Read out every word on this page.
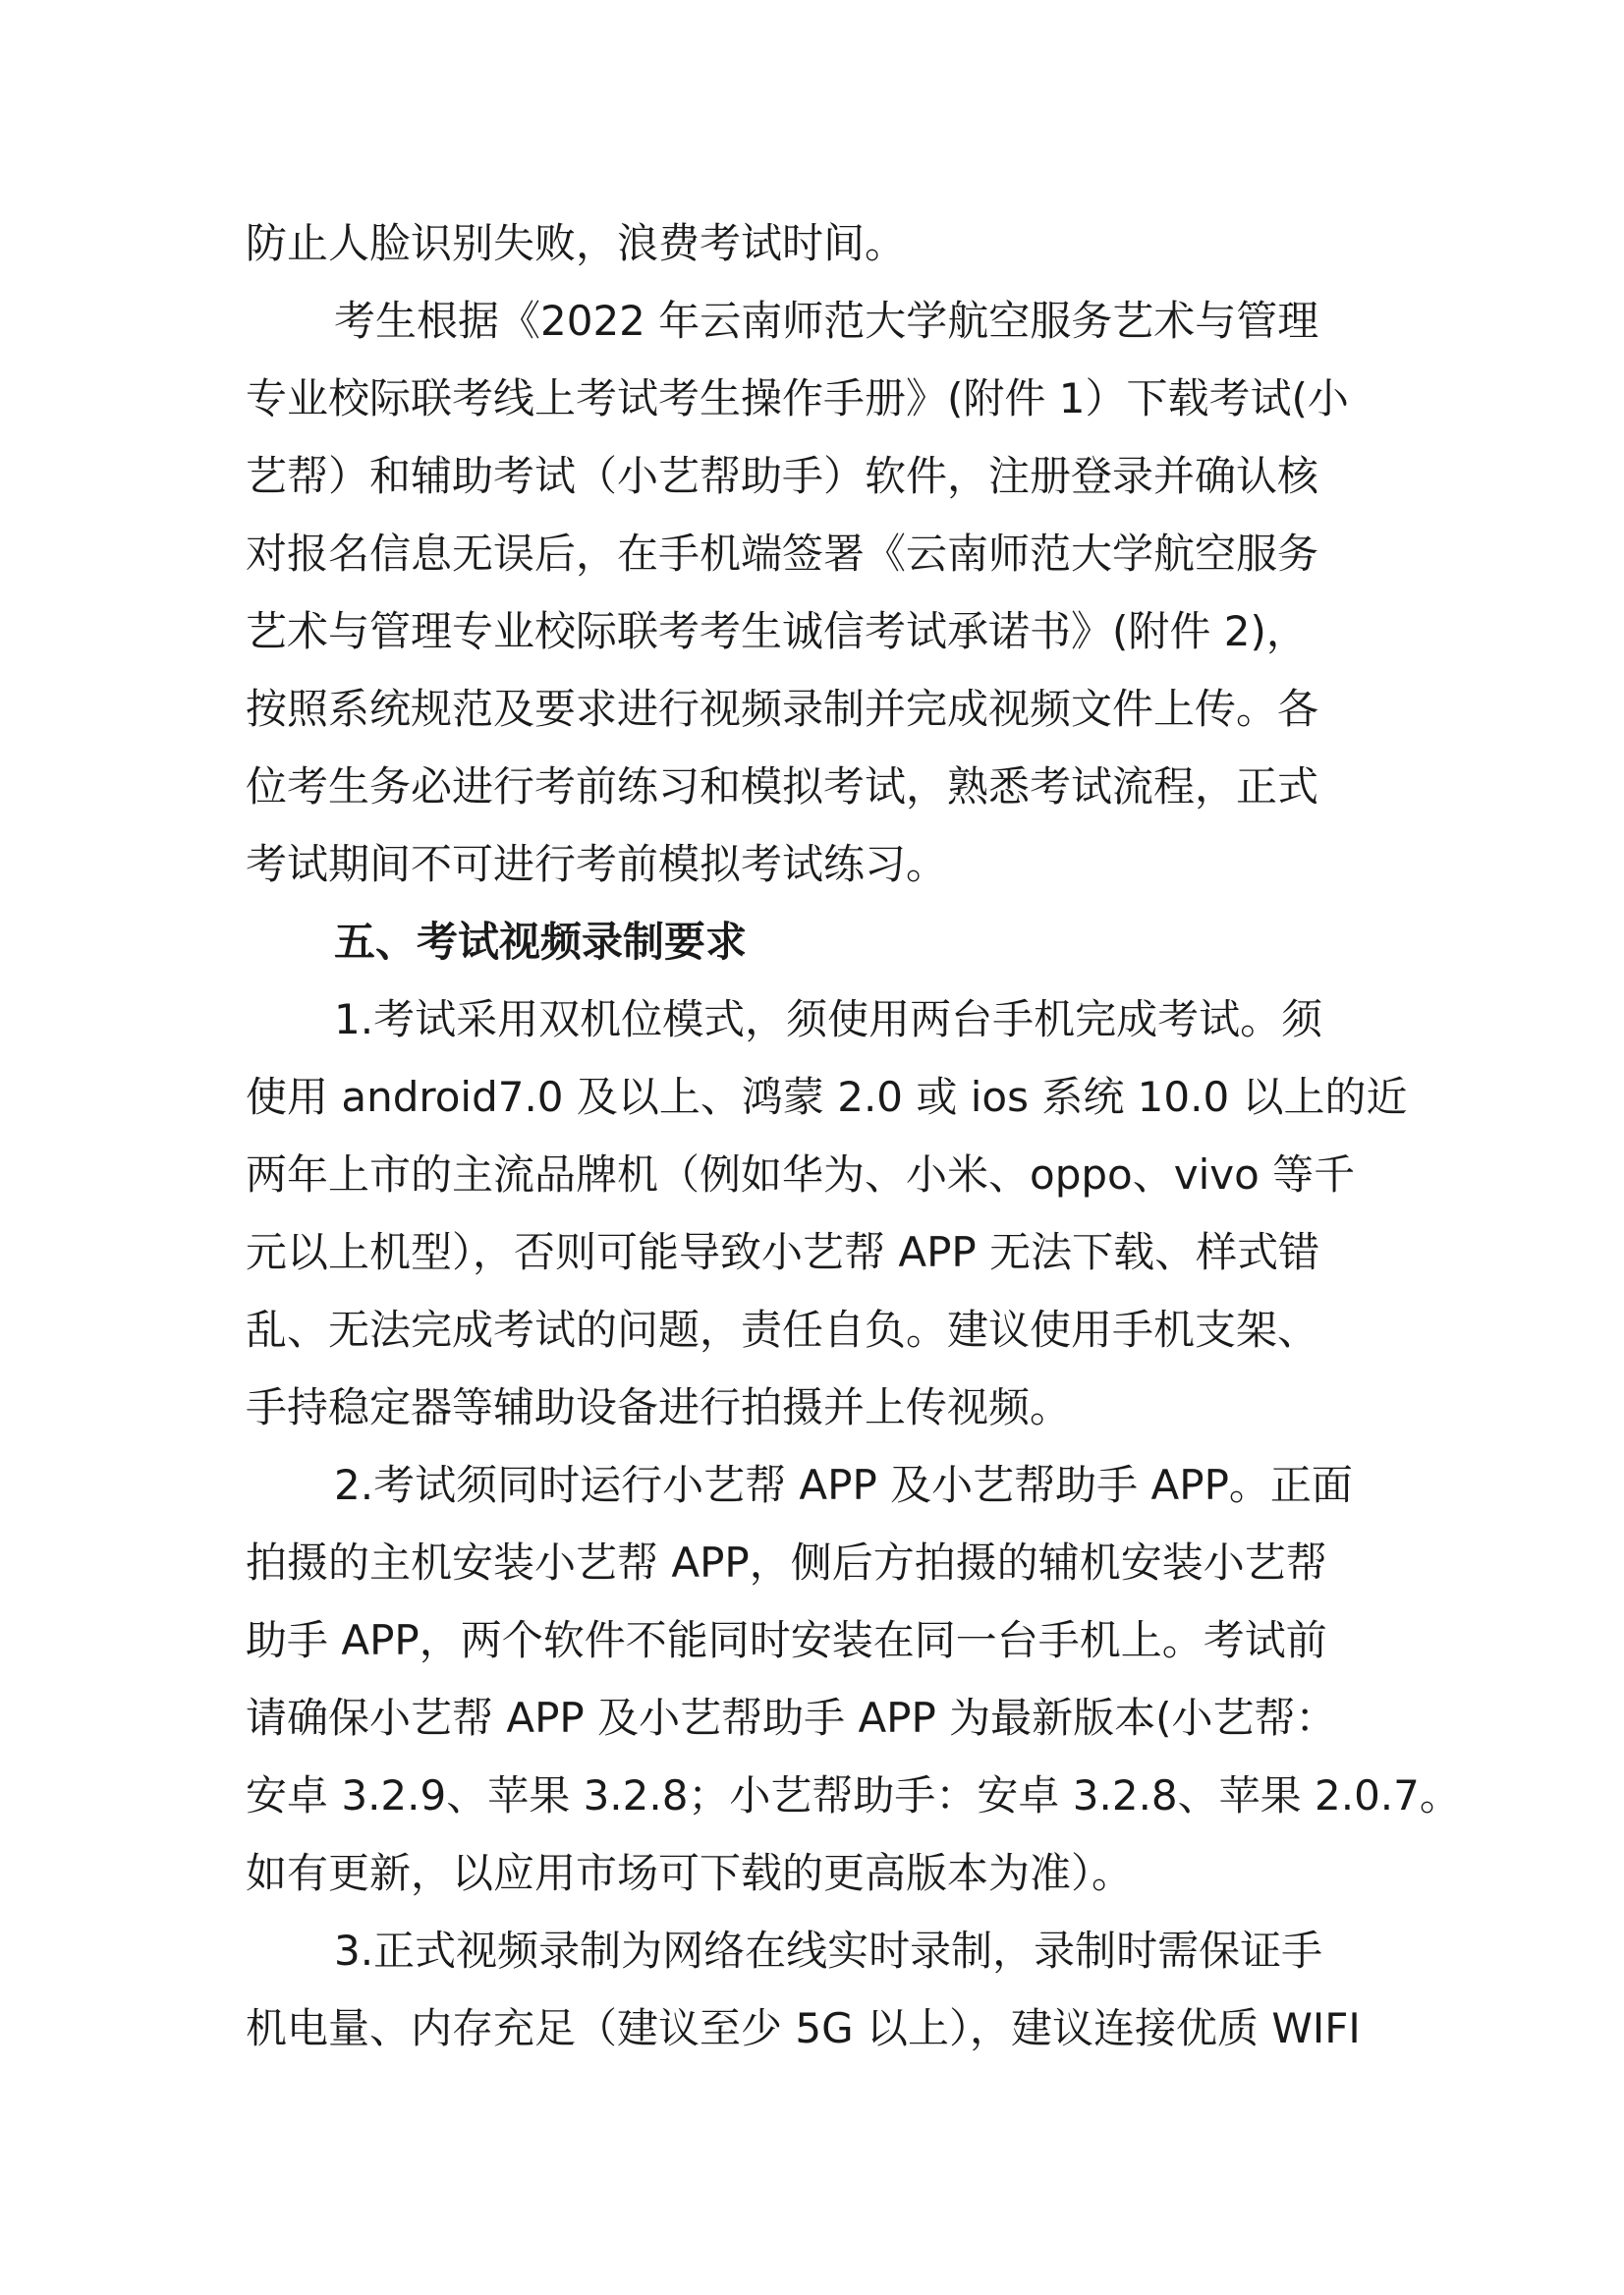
防止人脸识别失败，浪费考试时间。

考生根据《2022 年云南师范大学航空服务艺术与管理

专业校际联考线上考试考生操作手册》(附件 1）下载考试(小

艺帮）和辅助考试（小艺帮助手）软件，注册登录并确认核

对报名信息无误后，在手机端签署《云南师范大学航空服务

艺术与管理专业校际联考考生诚信考试承诺书》(附件 2)，

按照系统规范及要求进行视频录制并完成视频文件上传。各

位考生务必进行考前练习和模拟考试，熟悉考试流程，正式

考试期间不可进行考前模拟考试练习。

五、考试视频录制要求

1.考试采用双机位模式，须使用两台手机完成考试。须

使用 android7.0 及以上、鸿蒙 2.0 或 ios 系统 10.0 以上的近

两年上市的主流品牌机（例如华为、小米、oppo、vivo 等千

元以上机型），否则可能导致小艺帮 APP 无法下载、样式错

乱、无法完成考试的问题，责任自负。建议使用手机支架、

手持稳定器等辅助设备进行拍摄并上传视频。

2.考试须同时运行小艺帮 APP 及小艺帮助手 APP。正面

拍摄的主机安装小艺帮 APP，侧后方拍摄的辅机安装小艺帮

助手 APP，两个软件不能同时安装在同一台手机上。考试前

请确保小艺帮 APP 及小艺帮助手 APP 为最新版本(小艺帮：

安卓 3.2.9、苹果 3.2.8；小艺帮助手：安卓 3.2.8、苹果 2.0.7。

如有更新，以应用市场可下载的更高版本为准）。

3.正式视频录制为网络在线实时录制，录制时需保证手

机电量、内存充足（建议至少 5G 以上），建议连接优质 WIFI
